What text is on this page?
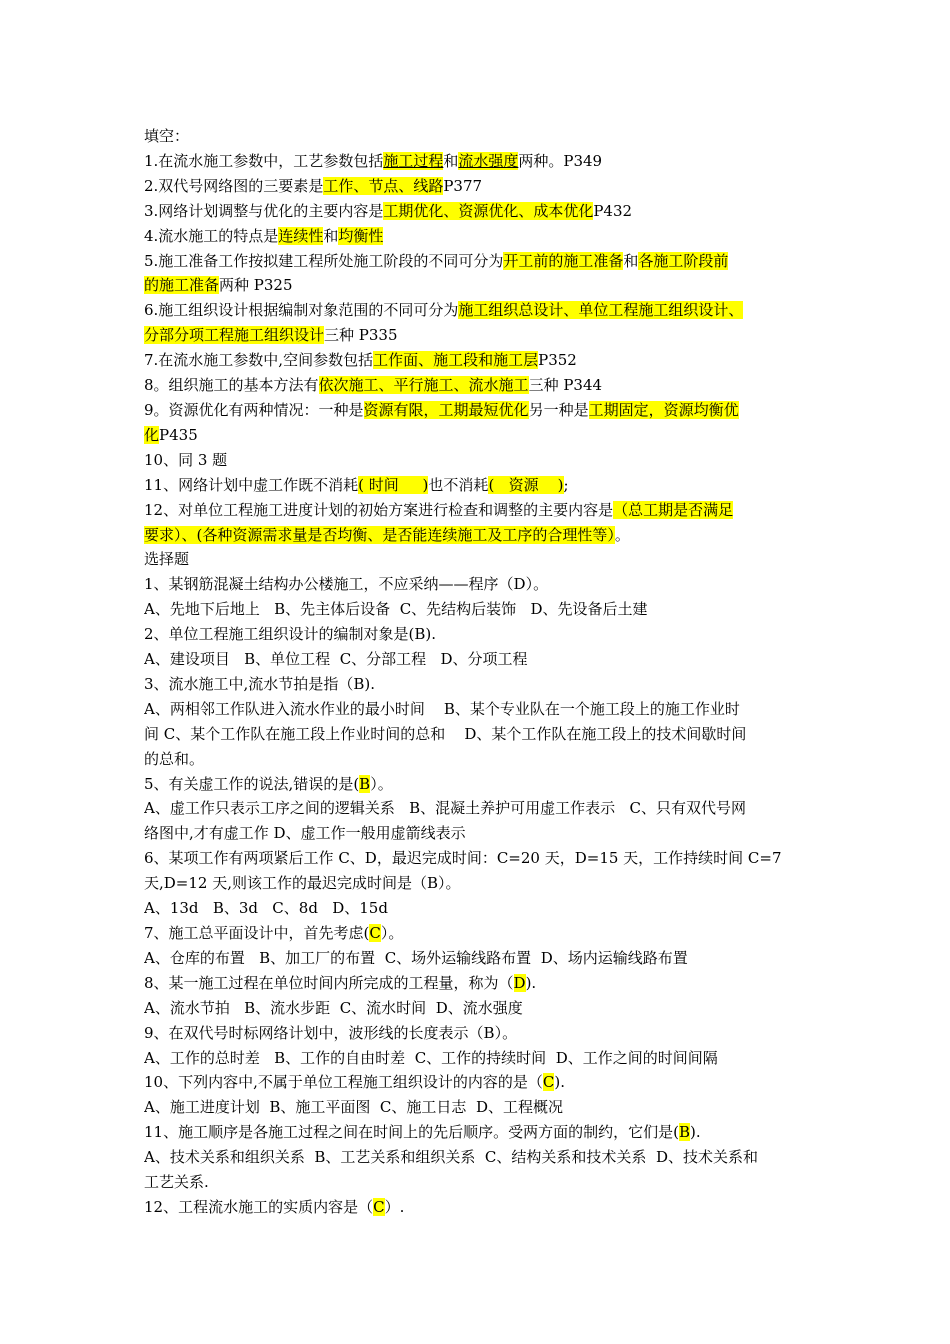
填空：
1.在流水施工参数中，工艺参数包括施工过程和流水强度两种。P349
2.双代号网络图的三要素是工作、节点、线路P377
3.网络计划调整与优化的主要内容是工期优化、资源优化、成本优化P432
4.流水施工的特点是连续性和均衡性
5.施工准备工作按拟建工程所处施工阶段的不同可分为开工前的施工准备和各施工阶段前
的施工准备两种 P325
6.施工组织设计根据编制对象范围的不同可分为施工组织总设计、单位工程施工组织设计、
分部分项工程施工组织设计三种 P335
7.在流水施工参数中,空间参数包括工作面、施工段和施工层P352
8。组织施工的基本方法有依次施工、平行施工、流水施工三种 P344
9。资源优化有两种情况：一种是资源有限，工期最短优化另一种是工期固定，资源均衡优
化P435
10、同 3 题
11、网络计划中虚工作既不消耗( 时间     )也不消耗(   资源    );
12、对单位工程施工进度计划的初始方案进行检查和调整的主要内容是（总工期是否满足
要求）、(各种资源需求量是否均衡、是否能连续施工及工序的合理性等）。
选择题
1、某钢筋混凝土结构办公楼施工，不应采纳——程序（D）。
A、先地下后地上   B、先主体后设备  C、先结构后装饰   D、先设备后土建
2、单位工程施工组织设计的编制对象是(B).
A、建设项目   B、单位工程  C、分部工程   D、分项工程
3、流水施工中,流水节拍是指（B).
A、两相邻工作队进入流水作业的最小时间    B、某个专业队在一个施工段上的施工作业时
间 C、某个工作队在施工段上作业时间的总和    D、某个工作队在施工段上的技术间歇时间
的总和。
5、有关虚工作的说法,错误的是(B）。
A、虚工作只表示工序之间的逻辑关系   B、混凝土养护可用虚工作表示   C、只有双代号网
络图中,才有虚工作 D、虚工作一般用虚箭线表示
6、某项工作有两项紧后工作 C、D，最迟完成时间：C=20 天，D=15 天，工作持续时间 C=7
天,D=12 天,则该工作的最迟完成时间是（B）。
A、13d   B、3d   C、8d   D、15d
7、施工总平面设计中，首先考虑(C）。
A、仓库的布置   B、加工厂的布置  C、场外运输线路布置  D、场内运输线路布置
8、某一施工过程在单位时间内所完成的工程量，称为（D).
A、流水节拍   B、流水步距  C、流水时间  D、流水强度
9、在双代号时标网络计划中，波形线的长度表示（B）。
A、工作的总时差   B、工作的自由时差  C、工作的持续时间  D、工作之间的时间间隔
10、下列内容中,不属于单位工程施工组织设计的内容的是（C).
A、施工进度计划  B、施工平面图  C、施工日志  D、工程概况
11、施工顺序是各施工过程之间在时间上的先后顺序。受两方面的制约，它们是(B).
A、技术关系和组织关系  B、工艺关系和组织关系  C、结构关系和技术关系  D、技术关系和
工艺关系.
12、工程流水施工的实质内容是（C）.
